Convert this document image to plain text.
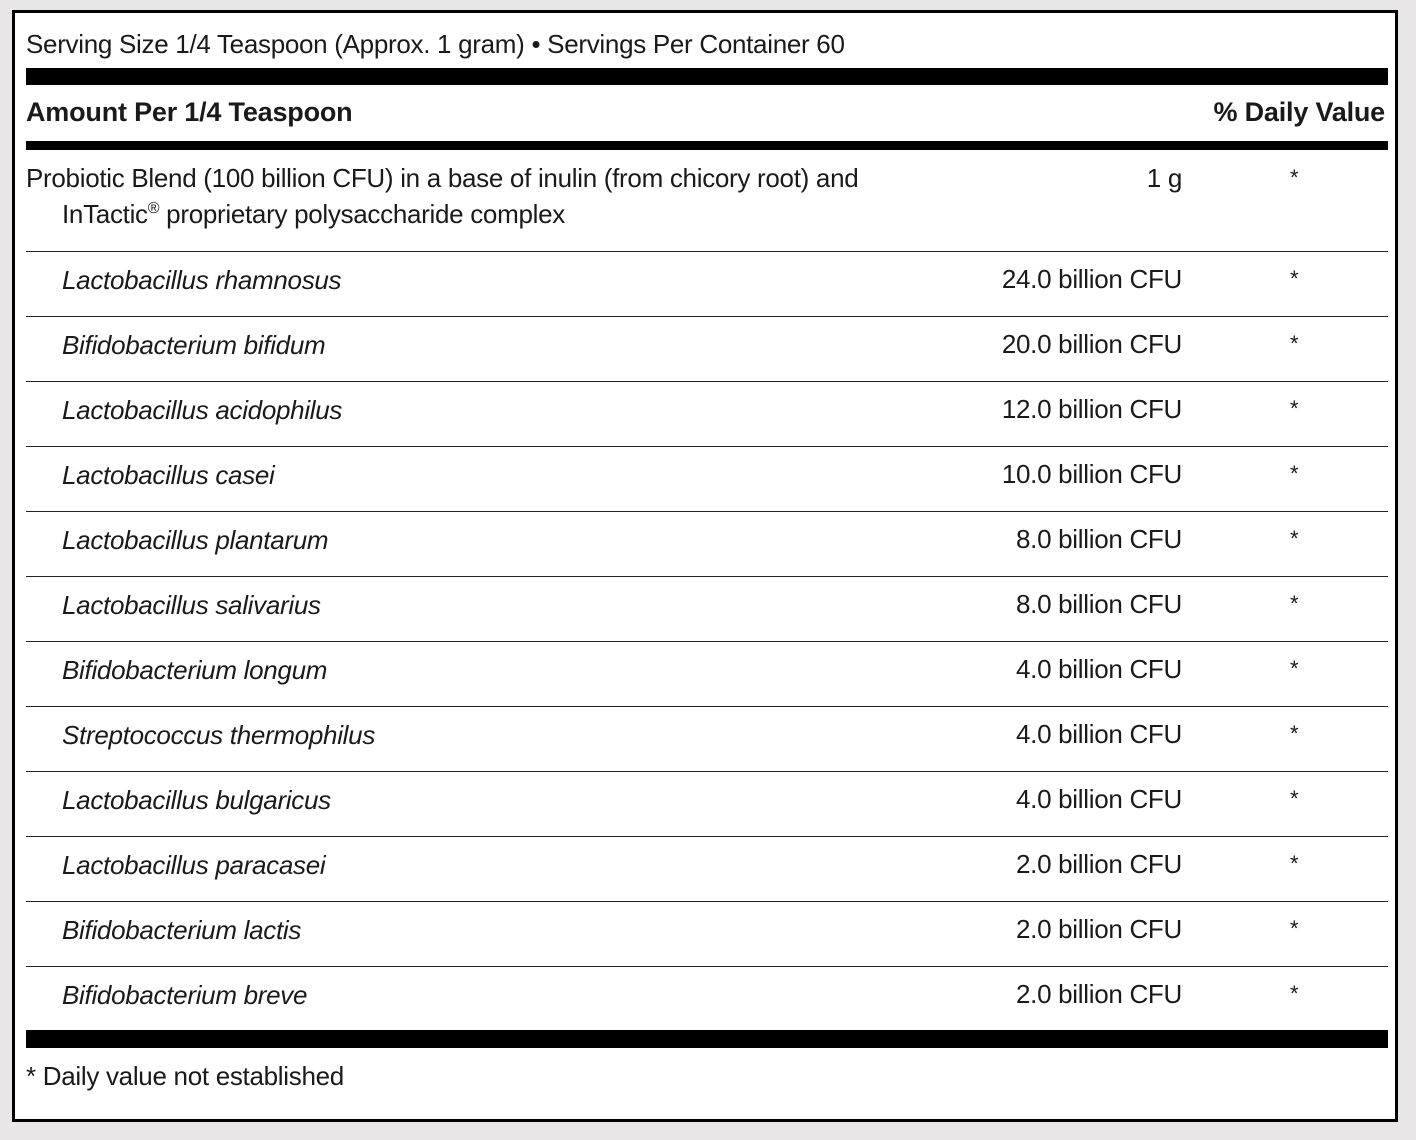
Serving Size 1/4 Teaspoon (Approx. 1 gram) • Servings Per Container 60
Amount Per 1/4 Teaspoon	% Daily Value
Probiotic Blend (100 billion CFU) in a base of inulin (from chicory root) and
InTactic® proprietary polysaccharide complex
1 g	*
Lactobacillus rhamnosus	24.0 billion CFU	*
Bifidobacterium bifidum	20.0 billion CFU	*
Lactobacillus acidophilus	12.0 billion CFU	*
Lactobacillus casei	10.0 billion CFU	*
Lactobacillus plantarum	8.0 billion CFU	*
Lactobacillus salivarius	8.0 billion CFU	*
Bifidobacterium longum	4.0 billion CFU	*
Streptococcus thermophilus	4.0 billion CFU	*
Lactobacillus bulgaricus	4.0 billion CFU	*
Lactobacillus paracasei	2.0 billion CFU	*
Bifidobacterium lactis	2.0 billion CFU	*
Bifidobacterium breve	2.0 billion CFU	*
* Daily value not established
